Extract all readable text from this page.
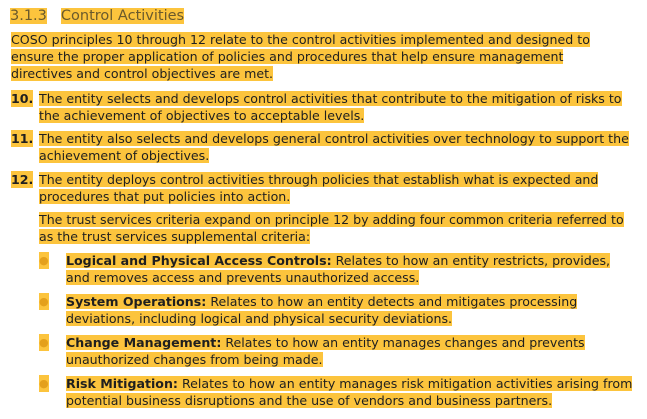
3.1.3 Control Activities
COSO principles 10 through 12 relate to the control activities implemented and designed to ensure the proper application of policies and procedures that help ensure management directives and control objectives are met.
10. The entity selects and develops control activities that contribute to the mitigation of risks to the achievement of objectives to acceptable levels.
11. The entity also selects and develops general control activities over technology to support the achievement of objectives.
12. The entity deploys control activities through policies that establish what is expected and procedures that put policies into action.
The trust services criteria expand on principle 12 by adding four common criteria referred to as the trust services supplemental criteria:
● Logical and Physical Access Controls: Relates to how an entity restricts, provides, and removes access and prevents unauthorized access.
● System Operations: Relates to how an entity detects and mitigates processing deviations, including logical and physical security deviations.
● Change Management: Relates to how an entity manages changes and prevents unauthorized changes from being made.
● Risk Mitigation: Relates to how an entity manages risk mitigation activities arising from potential business disruptions and the use of vendors and business partners.
